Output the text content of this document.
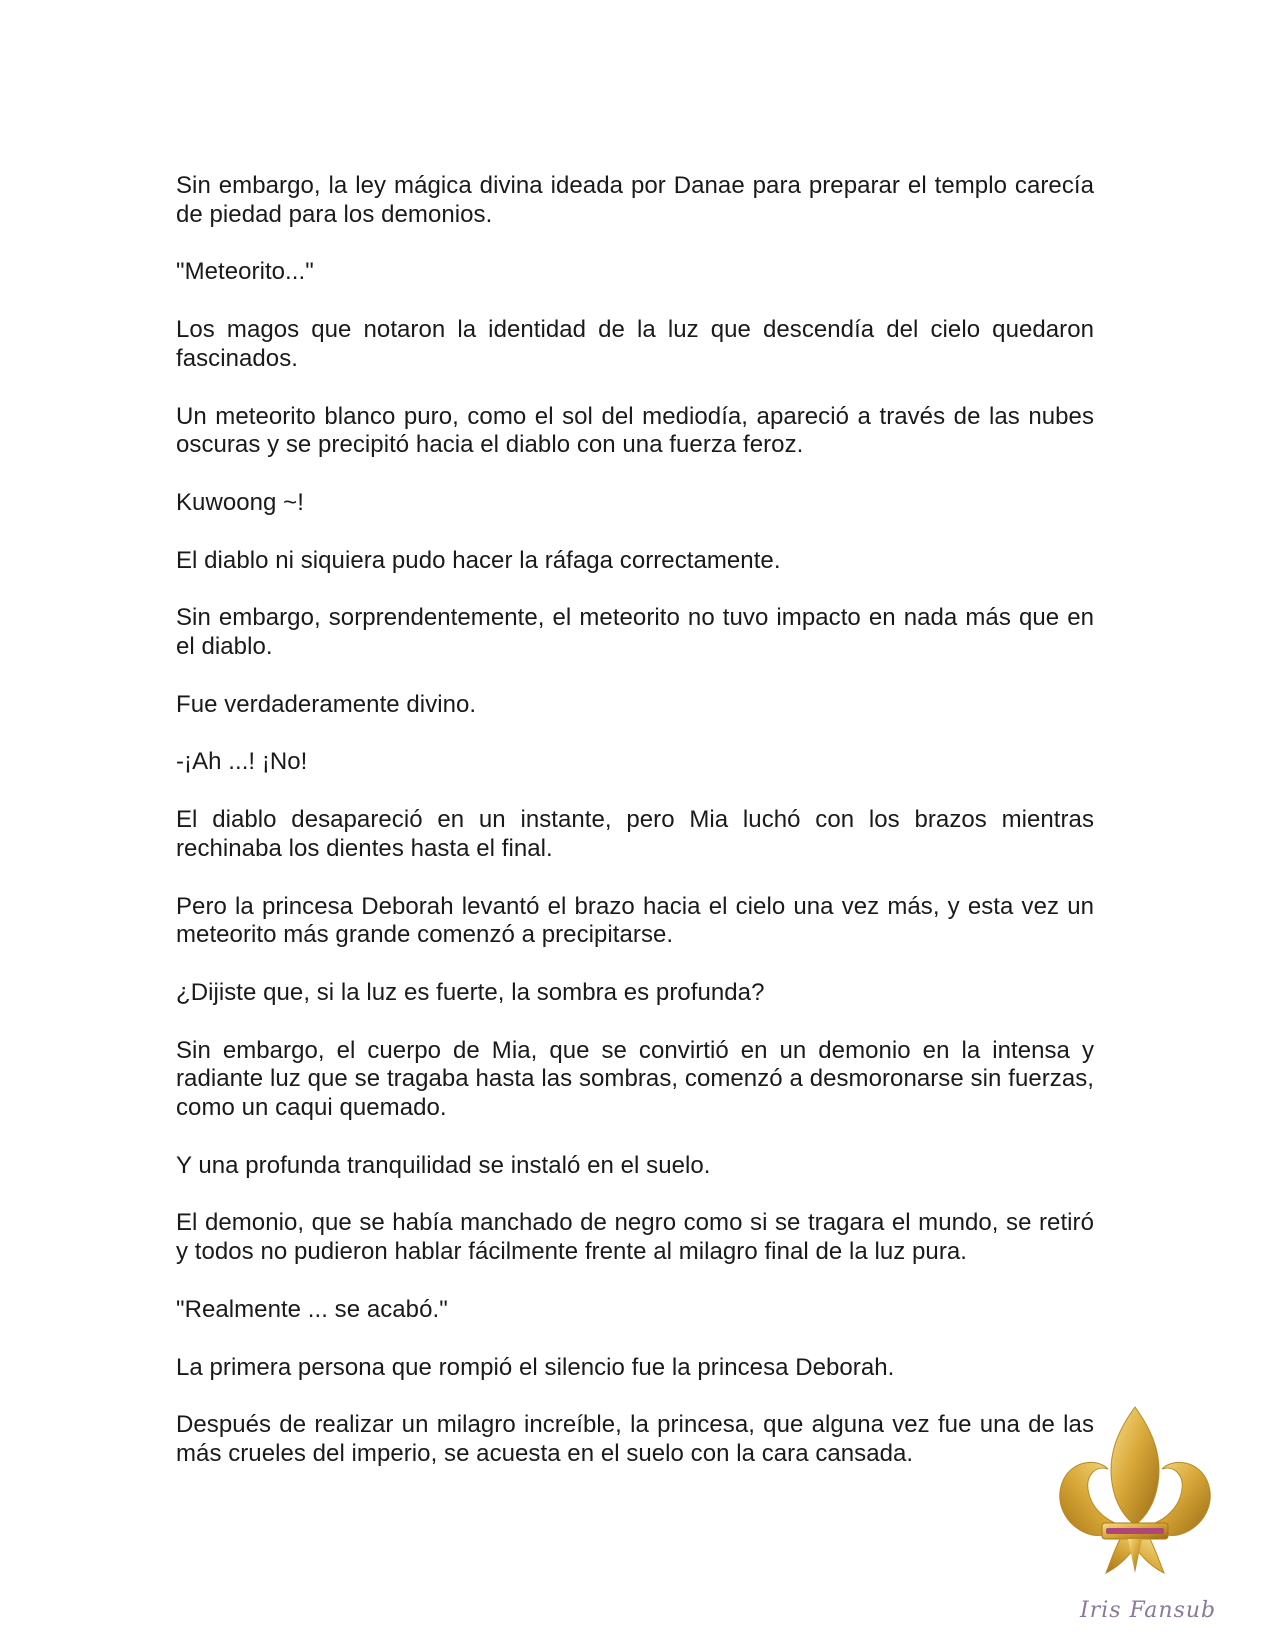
Sin embargo, la ley mágica divina ideada por Danae para preparar el templo carecía de piedad para los demonios.

"Meteorito..."

Los magos que notaron la identidad de la luz que descendía del cielo quedaron fascinados.

Un meteorito blanco puro, como el sol del mediodía, apareció a través de las nubes oscuras y se precipitó hacia el diablo con una fuerza feroz.

Kuwoong ~!

El diablo ni siquiera pudo hacer la ráfaga correctamente.

Sin embargo, sorprendentemente, el meteorito no tuvo impacto en nada más que en el diablo.

Fue verdaderamente divino.

-¡Ah ...! ¡No!

El diablo desapareció en un instante, pero Mia luchó con los brazos mientras rechinaba los dientes hasta el final.

Pero la princesa Deborah levantó el brazo hacia el cielo una vez más, y esta vez un meteorito más grande comenzó a precipitarse.

¿Dijiste que, si la luz es fuerte, la sombra es profunda?

Sin embargo, el cuerpo de Mia, que se convirtió en un demonio en la intensa y radiante luz que se tragaba hasta las sombras, comenzó a desmoronarse sin fuerzas, como un caqui quemado.

Y una profunda tranquilidad se instaló en el suelo.

El demonio, que se había manchado de negro como si se tragara el mundo, se retiró y todos no pudieron hablar fácilmente frente al milagro final de la luz pura.

"Realmente ... se acabó."

La primera persona que rompió el silencio fue la princesa Deborah.

Después de realizar un milagro increíble, la princesa, que alguna vez fue una de las más crueles del imperio, se acuesta en el suelo con la cara cansada.

Iris Fansub
